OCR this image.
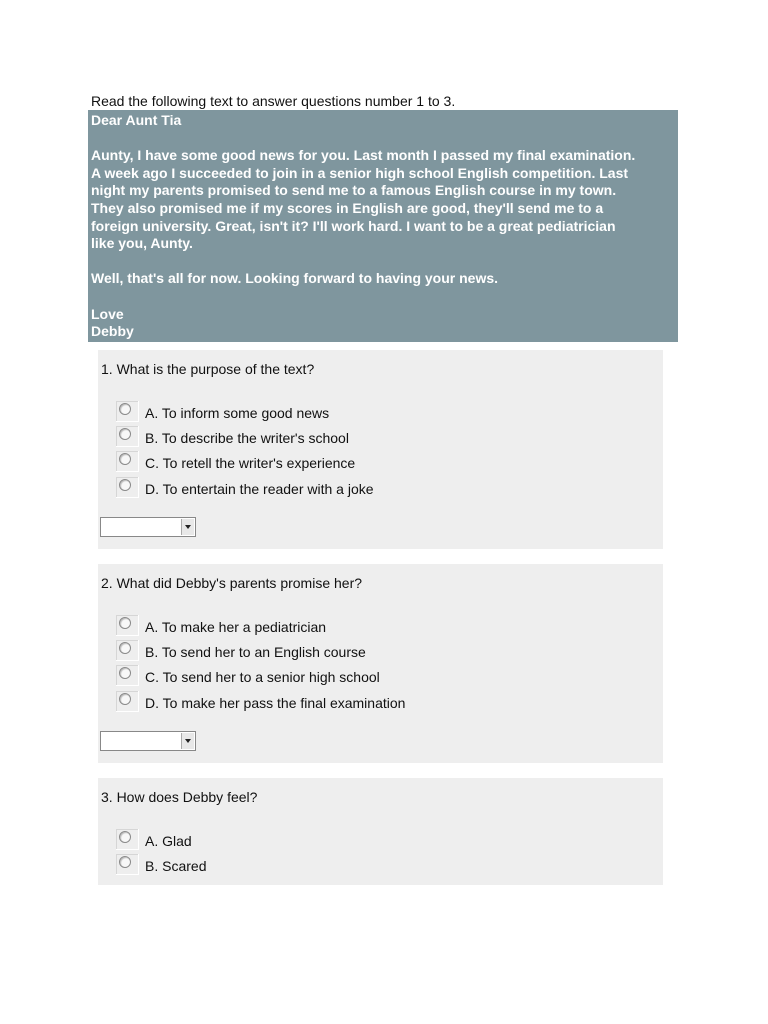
Read the following text to answer questions number 1 to 3.
Dear Aunt Tia

Aunty, I have some good news for you. Last month I passed my final examination.
A week ago I succeeded to join in a senior high school English competition. Last
night my parents promised to send me to a famous English course in my town.
They also promised me if my scores in English are good, they'll send me to a
foreign university. Great, isn't it? I'll work hard. I want to be a great pediatrician
like you, Aunty.

Well, that's all for now. Looking forward to having your news.

Love
Debby
1. What is the purpose of the text?
A. To inform some good news
B. To describe the writer's school
C. To retell the writer's experience
D. To entertain the reader with a joke
2. What did Debby's parents promise her?
A. To make her a pediatrician
B. To send her to an English course
C. To send her to a senior high school
D. To make her pass the final examination
3. How does Debby feel?
A. Glad
B. Scared
